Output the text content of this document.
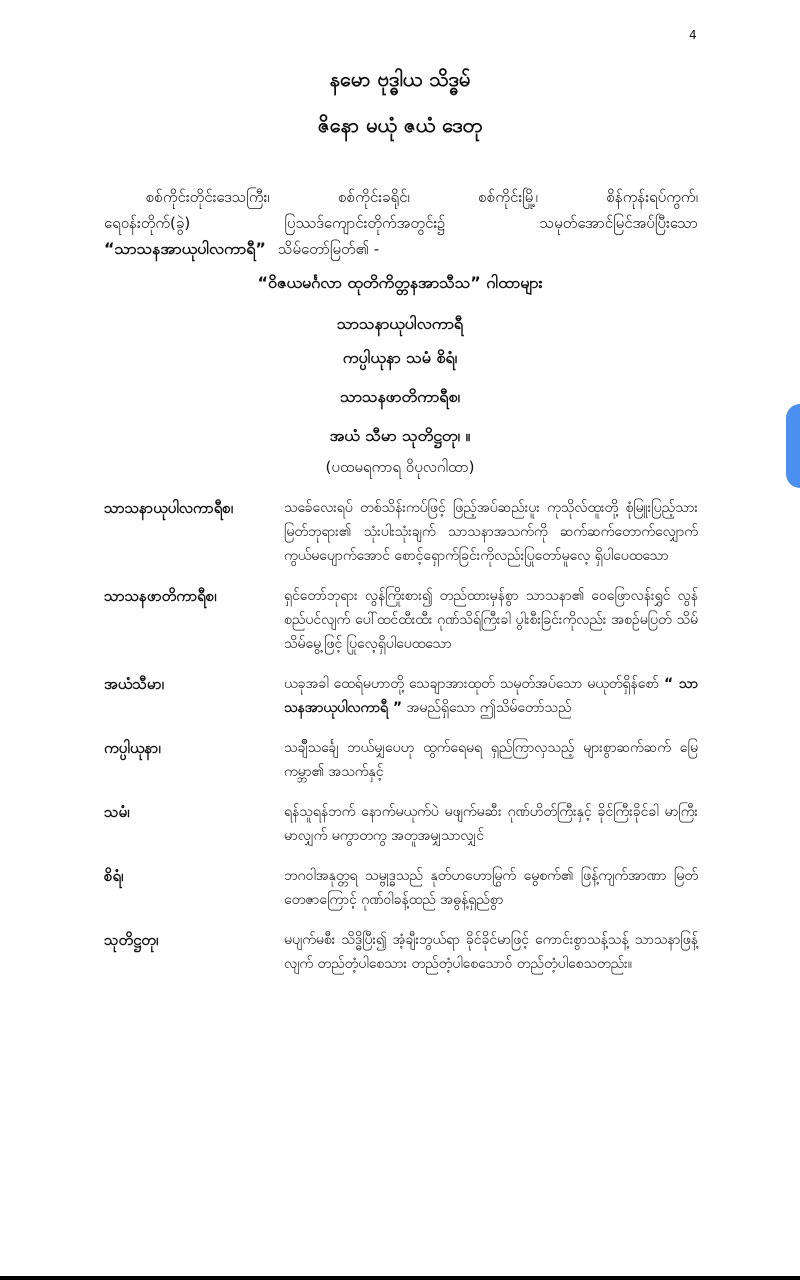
4
နမော ဗုဒ္ဓါယ သိဒ္ဓမ်
ဇိနော မယုံ ဇယံ ဒေတု
စစ်ကိုင်းတိုင်းဒေသကြီး၊	စစ်ကိုင်းခရိုင်၊	စစ်ကိုင်းမြို့၊	စိန်ကုန်းရပ်ကွက်၊
ရေဝန်းတိုက်(ခွဲ)	ပြဿဒ်ကျောင်းတိုက်အတွင်း၌	သမုတ်အောင်မြင်အပ်ပြီးသော
“သာသနအာယုပါလကာရီ” သိမ်တော်မြတ်၏ -
“ဝိဇယမင်္ဂလာ ထုတိကိတ္တနအာသီသ” ဂါထာများ
သာသနာယုပါလကာရီ
ကပ္ပါယုနာ သမံ စိရံ၊
သာသနဖာတိကာရီစ၊
အယံ သီမာ သုတိဋ္ဌတု၊ ။
(ပထမရကာရ ဝိပုလဂါထာ)
သာသနာယုပါလကာရီစ၊	သခ်ေလေးရပ် တစ်သိန်းကပ်ဖြင့် ဖြည့်အပ်ဆည်းပူး ကုသိုလ်ထူးတို့ စုံမြူးပြည့်သား မြတ်ဘုရား၏ သုံးပါးသုံးချက် သာသနာအသက်ကို ဆက်ဆက်တောက်လျှောက်ကွယ်မပျောက်အောင် စောင့်ရှောက်ခြင်းကိုလည်းပြုတော်မူလေ့ ရှိပါပေထသော
သာသနဖာတိကာရီစ၊	ရှင်တော်ဘုရား လွန်ကြိုးစား၍ တည်ထားမှန်စွာ သာသနာ၏ ဝေဖြောလန်းရွှင် လွန်စည်ပင်လျက် ပေါ်ထင်ထီးထီး ဂုဏ်သိရ်ကြီးခါ ပွါးစီးခြင်းကိုလည်း အစဉ်မပြတ် သိမ်သိမ်မွေ့ဖြင့် ပြုလေ့ရှိပါပေထသော
အယံသီမာ၊	ယခုအခါ ထေရ်မဟာတို့ သေချာအားထုတ် သမုတ်အပ်သော မယုတ်ရှိန်စော် “ သာသနအာယုပါလကာရီ ” အမည်ရှိသော ဤသိမ်တော်သည်
ကပ္ပါယုနာ၊	သချိဳသင်္ချေ ဘယ်မျှပေဟု ထွက်ရေမရ ရှည်ကြာလှသည့် များစွာဆက်ဆက် မြေကမ္ဘာ၏ အသက်နှင့်
သမံ၊	ရန်သူရန်ဘက် နောက်မယုက်ပဲ မဖျက်မဆီး ဂုဏ်ဟိတ်ကြီးနှင့် ခိုင်ကြီးခိုင်ခါ မာကြီးမာလျှက် မကွာတကွ အတူအမျှသာလျှင်
စိရံ၊	ဘဂဝါအနုတ္တရ သမ္ဗုဒ္ဓသည် နုတ်ဟဟောမြွက် မွေစက်၏ ဖြန့်ကျက်အာဏာ မြတ်တေဇာကြောင့် ဂုဏ်ဝါခန့်ထည် အဓွန့်ရှည်စွာ
သုတိဋ္ဌတု၊	မပျက်မစီး သိဒ္ဓိပြီး၍ အံ့ချီးဘွယ်ရာ ခိုင်ခိုင်မာဖြင့် ကောင်းစွာသန့်သန့် သာသနာဖြန့်လျက် တည်တံ့ပါစေသား တည်တံ့ပါစေသောဝ် တည်တံ့ပါစေသတည်း။
